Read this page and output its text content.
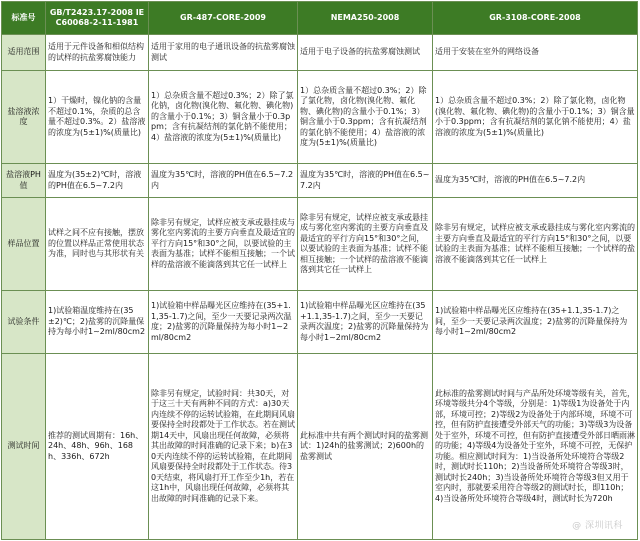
标准号	GB/T2423.17-2008 IEC60068-2-11-1981	GR-487-CORE-2009	NEMA250-2008	GR-3108-CORE-2008
适用范围	适用于元件设备和相似结构的试样的抗盐雾腐蚀能力	适用于家用的电子通讯设备的抗盐雾腐蚀测试	适用于电子设备的抗盐雾腐蚀测试	适用于安装在室外的网络设备
盐溶液浓度	1）干燥时，镍化钠的含量不超过0.1%，杂质的总含量不超过0.3%。2）盐溶液的浓度为(5±1)%(质量比)	1）总杂质含量不超过0.3%；2）除了氯化钠，卤化物(溴化物、氟化物、碘化物)的含量小于0.1%；3）铜含量小于0.3ppm；含有抗凝结剂的氯化钠不能使用；4）盐溶液的浓度为(5±1)%(质量比)	1）总杂质含量不超过0.3%；2）除了氯化物，卤化物(溴化物、氟化物、碘化物)的含量小于0.1%；3）铜含量小于0.3ppm；含有抗凝结剂的氯化钠不能使用；4）盐溶液的浓度为(5±1)%(质量比)	1）总杂质含量不超过0.3%；2）除了氯化物，卤化物(溴化物、氟化物、碘化物)的含量小于0.1%；3）铜含量小于0.3ppm；含有抗凝结剂的氯化钠不能使用；4）盐溶液的浓度为(5±1)%(质量比)
盐溶液PH值	温度为(35±2)℃时，溶液的PH值在6.5~7.2内	温度为35℃时，溶液的PH值在6.5~7.2内	温度为35℃时，溶液的PH值在6.5~7.2内	温度为35℃时，溶液的PH值在6.5~7.2内
样品位置	试样之间不应有接触，摆放的位置以样品正常使用状态为准，同时也与其形状有关	除非另有规定，试样应被支承或悬挂成与雾化室内雾流的主要方向垂直及最适宜的平行方向15°和30°之间，以要试验的主表面为基准；试样不能相互接触；一个试样的盐溶液不能滴落到其它任一试样上	除非另有规定，试样应被支承或悬挂成与雾化室内雾流的主要方向垂直及最适宜的平行方向15°和30°之间，以要试验的主表面为基准；试样不能相互接触；一个试样的盐溶液不能滴落到其它任一试样上	除非另有规定，试样应被支承或悬挂成与雾化室内雾流的主要方向垂直及最适宜的平行方向15°和30°之间，以要试验的主表面为基准；试样不能相互接触；一个试样的盐溶液不能滴落到其它任一试样上
试验条件	1)试验箱温度维持在(35±2)℃；2)盐雾的沉降量保持为每小时1~2ml/80cm2	1)试验箱中样品曝光区应维持在(35+1.1,35-1.7)之间，至少一天要记录两次温度；2)盐雾的沉降量保持为每小时1~2ml/80cm2	1)试验箱中样品曝光区应维持在(35+1.1,35-1.7)之间，至少一天要记录两次温度；2)盐雾的沉降量保持为每小时1~2ml/80cm2	1)试验箱中样品曝光区应维持在(35+1.1,35-1.7)之间，至少一天要记录两次温度；2)盐雾的沉降量保持为每小时1~2ml/80cm2
测试时间	推荐的测试周期有：16h、24h、48h、96h、168h、336h、672h	除非另有规定，试验时间：共30天，对于这三十天有两种不同的方式：a)30天内连续不停的运转试验箱，在此期间风扇要保持全时段都处于工作状态。若在测试期14天中，风扇出现任何故障，必须将其出故障的时间准确的记录下来；b)在30天内连续不停的运转试验箱，在此期间风扇要保持全时段都处于工作状态。待30天结束，将风扇打开工作至少1h，若在这1h中，风扇出现任何故障，必须将其出故障的时间准确的记录下来。	此标准中共有两个测试时间的盐雾测试：1)24h的盐雾测试；2)600h的盐雾测试	此标准的盐雾测试时间与产品所处环境等级有关，首先，环境等级共分4个等级，分别是：1)等级1为设备处于内部，环境可控；2)等级2为设备处于内部环境，环境不可控，但有防护直接遭受外部天气的功能；3)等级3为设备处于室外，环境不可控，但有防护直接遭受外部日晒雨淋的功能；4)等级4为设备处于室外，环境不可控，无保护功能。相应测试时间为：1)当设备所处环境符合等级2时，测试时长110h；2)当设备所处环境符合等级3时，测试时长240h；3)当设备所处环境符合等级3但又用于室内时，那就要采用符合等级2的测试时长，即110h；4)当设备所处环境符合等级4时，测试时长为720h
@ 深圳讯科
